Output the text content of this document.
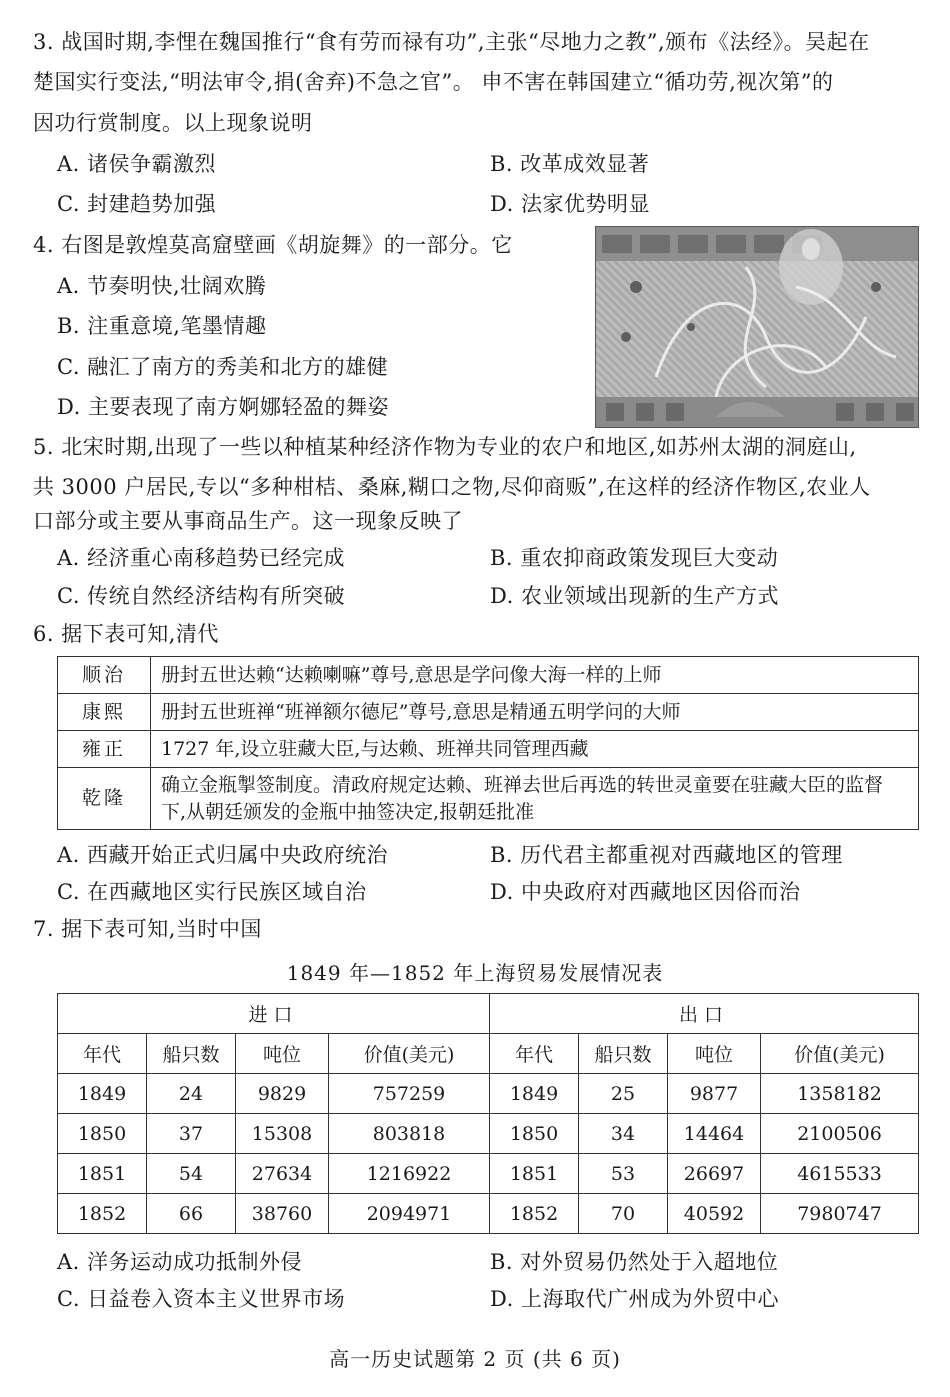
3. 战国时期,李悝在魏国推行“食有劳而禄有功”,主张“尽地力之教”,颁布《法经》。吴起在
楚国实行变法,“明法审令,捐(舍弃)不急之官”。 申不害在韩国建立“循功劳,视次第”的
因功行赏制度。以上现象说明
A. 诸侯争霸激烈	B. 改革成效显著
C. 封建趋势加强	D. 法家优势明显
4. 右图是敦煌莫高窟壁画《胡旋舞》的一部分。它
A. 节奏明快,壮阔欢腾
B. 注重意境,笔墨情趣
C. 融汇了南方的秀美和北方的雄健
D. 主要表现了南方婀娜轻盈的舞姿
5. 北宋时期,出现了一些以种植某种经济作物为专业的农户和地区,如苏州太湖的洞庭山,
共 3000 户居民,专以“多种柑桔、桑麻,糊口之物,尽仰商贩”,在这样的经济作物区,农业人
口部分或主要从事商品生产。这一现象反映了
A. 经济重心南移趋势已经完成	B. 重农抑商政策发现巨大变动
C. 传统自然经济结构有所突破	D. 农业领域出现新的生产方式
6. 据下表可知,清代
顺治	册封五世达赖“达赖喇嘛”尊号,意思是学问像大海一样的上师
康熙	册封五世班禅“班禅额尔德尼”尊号,意思是精通五明学问的大师
雍正	1727 年,设立驻藏大臣,与达赖、班禅共同管理西藏
乾隆	确立金瓶掣签制度。清政府规定达赖、班禅去世后再选的转世灵童要在驻藏大臣的监督下,从朝廷颁发的金瓶中抽签决定,报朝廷批准
A. 西藏开始正式归属中央政府统治	B. 历代君主都重视对西藏地区的管理
C. 在西藏地区实行民族区域自治	D. 中央政府对西藏地区因俗而治
7. 据下表可知,当时中国
1849 年—1852 年上海贸易发展情况表
进口				出口			
年代	船只数	吨位	价值(美元)	年代	船只数	吨位	价值(美元)
1849	24	9829	757259	1849	25	9877	1358182
1850	37	15308	803818	1850	34	14464	2100506
1851	54	27634	1216922	1851	53	26697	4615533
1852	66	38760	2094971	1852	70	40592	7980747
A. 洋务运动成功抵制外侵	B. 对外贸易仍然处于入超地位
C. 日益卷入资本主义世界市场	D. 上海取代广州成为外贸中心
高一历史试题第 2 页 (共 6 页)
